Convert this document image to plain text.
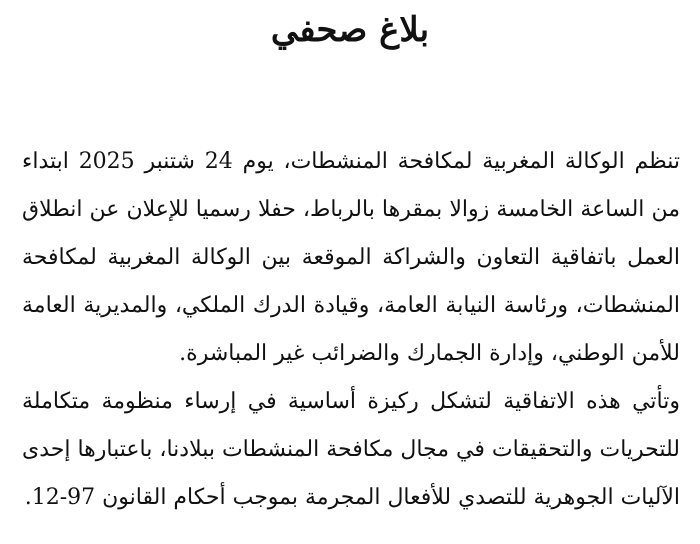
بلاغ صحفي

تنظم الوكالة المغربية لمكافحة المنشطات، يوم 24 شتنبر 2025 ابتداء من الساعة الخامسة زوالا بمقرها بالرباط، حفلا رسميا للإعلان عن انطلاق العمل باتفاقية التعاون والشراكة الموقعة بين الوكالة المغربية لمكافحة المنشطات، ورئاسة النيابة العامة، وقيادة الدرك الملكي، والمديرية العامة للأمن الوطني، وإدارة الجمارك والضرائب غير المباشرة.

وتأتي هذه الاتفاقية لتشكل ركيزة أساسية في إرساء منظومة متكاملة للتحريات والتحقيقات في مجال مكافحة المنشطات ببلادنا، باعتبارها إحدى الآليات الجوهرية للتصدي للأفعال المجرمة بموجب أحكام القانون 97-12.
